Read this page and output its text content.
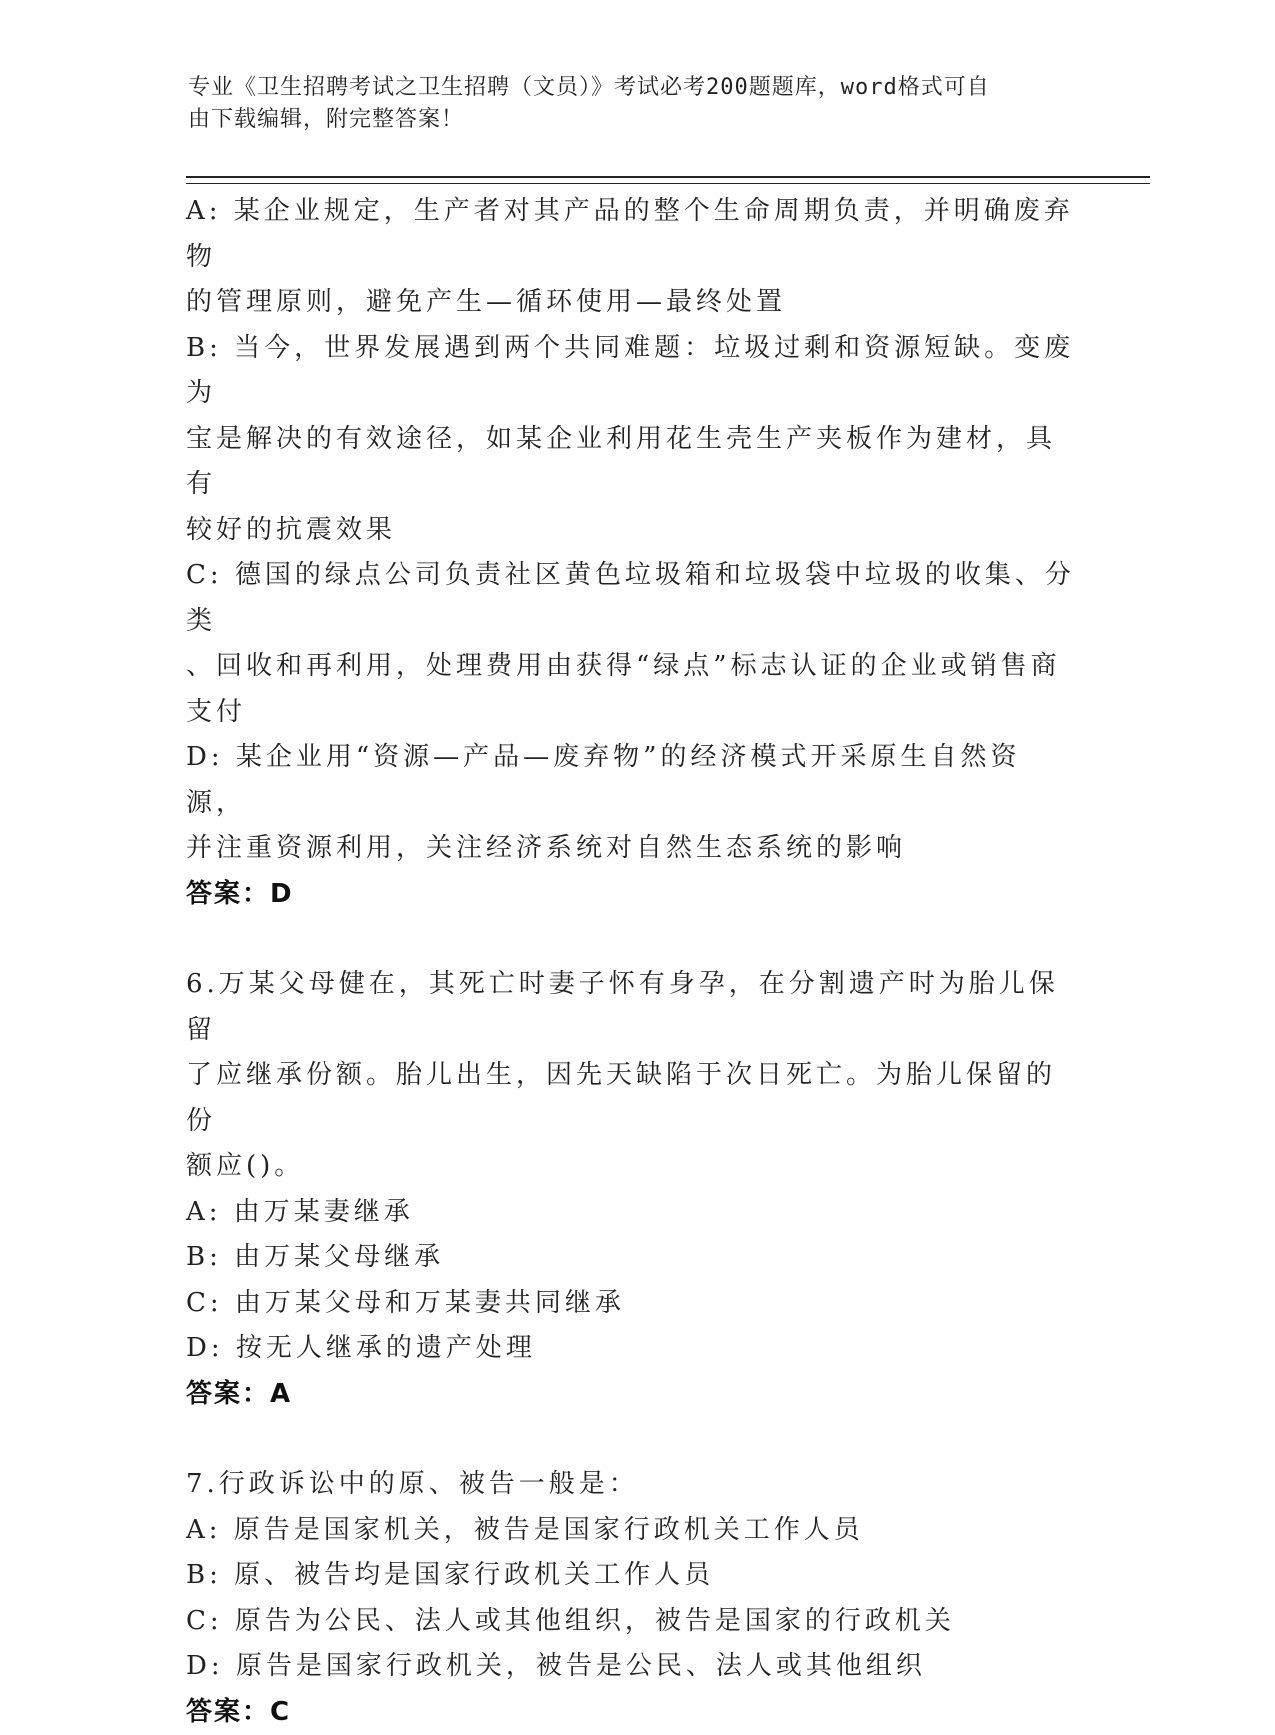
专业《卫生招聘考试之卫生招聘（文员）》考试必考200题题库，word格式可自
由下载编辑，附完整答案！
A: 某企业规定，生产者对其产品的整个生命周期负责，并明确废弃物
的管理原则，避免产生—循环使用—最终处置
B: 当今，世界发展遇到两个共同难题：垃圾过剩和资源短缺。变废为
宝是解决的有效途径，如某企业利用花生壳生产夹板作为建材，具有
较好的抗震效果
C: 德国的绿点公司负责社区黄色垃圾箱和垃圾袋中垃圾的收集、分类
、回收和再利用，处理费用由获得“绿点”标志认证的企业或销售商
支付
D: 某企业用“资源—产品—废弃物”的经济模式开采原生自然资源，
并注重资源利用，关注经济系统对自然生态系统的影响
答案：D
6.万某父母健在，其死亡时妻子怀有身孕，在分割遗产时为胎儿保留
了应继承份额。胎儿出生，因先天缺陷于次日死亡。为胎儿保留的份
额应()。
A: 由万某妻继承
B: 由万某父母继承
C: 由万某父母和万某妻共同继承
D: 按无人继承的遗产处理
答案：A
7.行政诉讼中的原、被告一般是：
A: 原告是国家机关，被告是国家行政机关工作人员
B: 原、被告均是国家行政机关工作人员
C: 原告为公民、法人或其他组织，被告是国家的行政机关
D: 原告是国家行政机关，被告是公民、法人或其他组织
答案：C
